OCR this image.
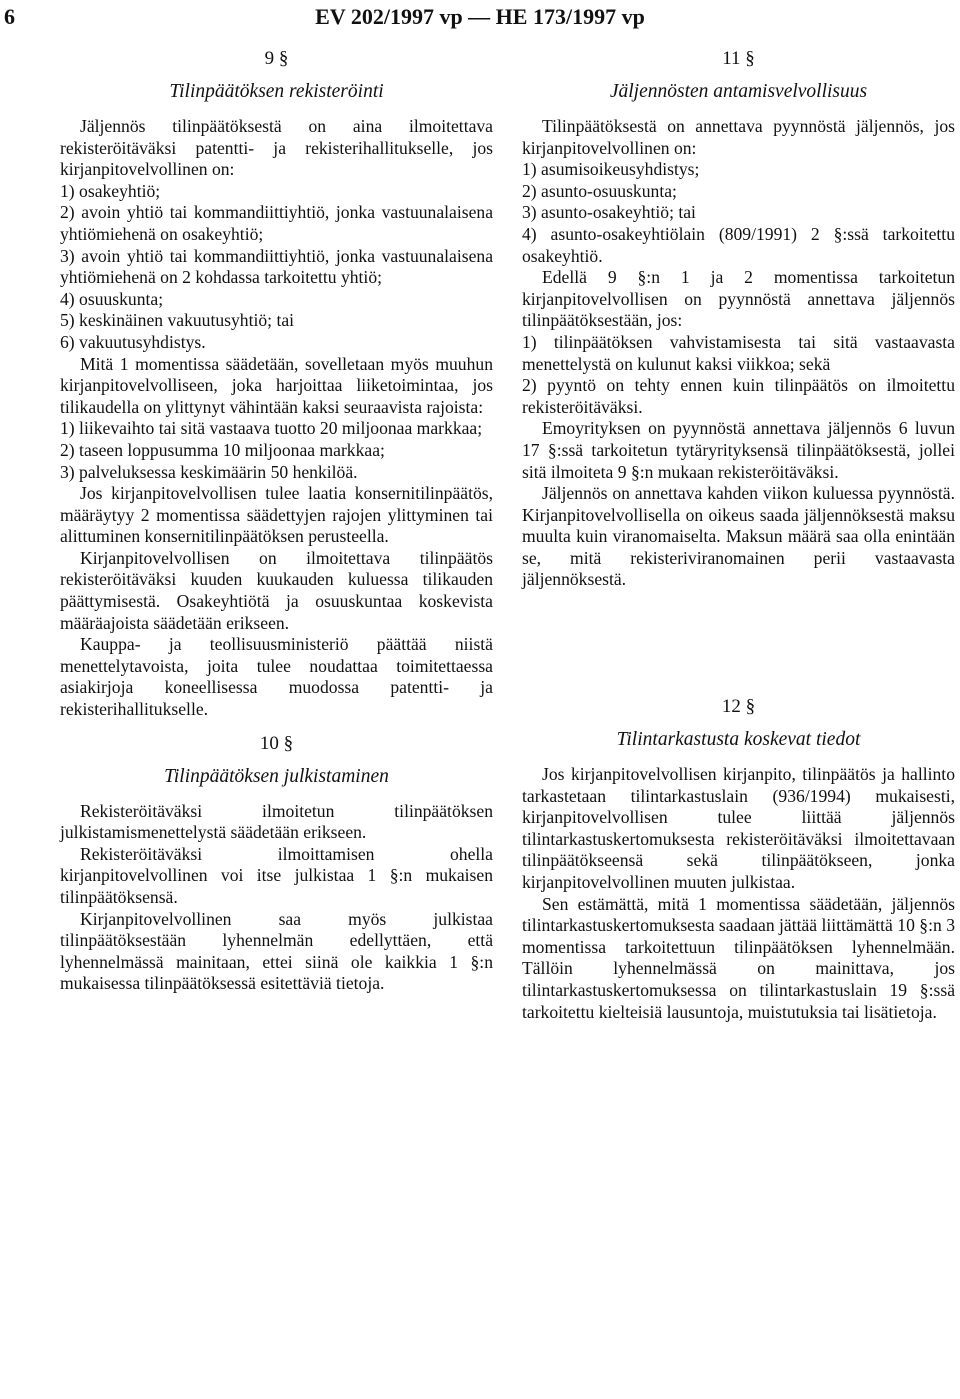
6	EV 202/1997 vp — HE 173/1997 vp

9 §

Tilinpäätöksen rekisteröinti

Jäljennös tilinpäätöksestä on aina ilmoitettava rekisteröitäväksi patentti- ja rekisterihallitukselle, jos kirjanpitovelvollinen on:

1) osakeyhtiö;

2) avoin yhtiö tai kommandiittiyhtiö, jonka vastuunalaisena yhtiömiehenä on osakeyhtiö;

3) avoin yhtiö tai kommandiittiyhtiö, jonka vastuunalaisena yhtiömiehenä on 2 kohdassa tarkoitettu yhtiö;

4) osuuskunta;

5) keskinäinen vakuutusyhtiö; tai

6) vakuutusyhdistys.

Mitä 1 momentissa säädetään, sovelletaan myös muuhun kirjanpitovelvolliseen, joka harjoittaa liiketoimintaa, jos tilikaudella on ylittynyt vähintään kaksi seuraavista rajoista:

1) liikevaihto tai sitä vastaava tuotto 20 miljoonaa markkaa;

2) taseen loppusumma 10 miljoonaa markkaa;

3) palveluksessa keskimäärin 50 henkilöä.

Jos kirjanpitovelvollisen tulee laatia konsernitilinpäätös, määräytyy 2 momentissa säädettyjen rajojen ylittyminen tai alittuminen konsernitilinpäätöksen perusteella.

Kirjanpitovelvollisen on ilmoitettava tilinpäätös rekisteröitäväksi kuuden kuukauden kuluessa tilikauden päättymisestä. Osakeyhtiötä ja osuuskuntaa koskevista määräajoista säädetään erikseen.

Kauppa- ja teollisuusministeriö päättää niistä menettelytavoista, joita tulee noudattaa toimitettaessa asiakirjoja koneellisessa muodossa patentti- ja rekisterihallitukselle.

10 §

Tilinpäätöksen julkistaminen

Rekisteröitäväksi ilmoitetun tilinpäätöksen julkistamismenettelystä säädetään erikseen.

Rekisteröitäväksi ilmoittamisen ohella kirjanpitovelvollinen voi itse julkistaa 1 §:n mukaisen tilinpäätöksensä.

Kirjanpitovelvollinen saa myös julkistaa tilinpäätöksestään lyhennelmän edellyttäen, että lyhennelmässä mainitaan, ettei siinä ole kaikkia 1 §:n mukaisessa tilinpäätöksessä esitettäviä tietoja.

11 §

Jäljennösten antamisvelvollisuus

Tilinpäätöksestä on annettava pyynnöstä jäljennös, jos kirjanpitovelvollinen on:

1) asumisoikeusyhdistys;

2) asunto-osuuskunta;

3) asunto-osakeyhtiö; tai

4) asunto-osakeyhtiölain (809/1991) 2 §:ssä tarkoitettu osakeyhtiö.

Edellä 9 §:n 1 ja 2 momentissa tarkoitetun kirjanpitovelvollisen on pyynnöstä annettava jäljennös tilinpäätöksestään, jos:

1) tilinpäätöksen vahvistamisesta tai sitä vastaavasta menettelystä on kulunut kaksi viikkoa; sekä

2) pyyntö on tehty ennen kuin tilinpäätös on ilmoitettu rekisteröitäväksi.

Emoyrityksen on pyynnöstä annettava jäljennös 6 luvun 17 §:ssä tarkoitetun tytäryrityksensä tilinpäätöksestä, jollei sitä ilmoiteta 9 §:n mukaan rekisteröitäväksi.

Jäljennös on annettava kahden viikon kuluessa pyynnöstä. Kirjanpitovelvollisella on oikeus saada jäljennöksestä maksu muulta kuin viranomaiselta. Maksun määrä saa olla enintään se, mitä rekisteriviranomainen perii vastaavasta jäljennöksestä.

12 §

Tilintarkastusta koskevat tiedot

Jos kirjanpitovelvollisen kirjanpito, tilinpäätös ja hallinto tarkastetaan tilintarkastuslain (936/1994) mukaisesti, kirjanpitovelvollisen tulee liittää jäljennös tilintarkastuskertomuksesta rekisteröitäväksi ilmoitettavaan tilinpäätökseensä sekä tilinpäätökseen, jonka kirjanpitovelvollinen muuten julkistaa.

Sen estämättä, mitä 1 momentissa säädetään, jäljennös tilintarkastuskertomuksesta saadaan jättää liittämättä 10 §:n 3 momentissa tarkoitettuun tilinpäätöksen lyhennelmään. Tällöin lyhennelmässä on mainittava, jos tilintarkastuskertomuksessa on tilintarkastuslain 19 §:ssä tarkoitettu kielteisiä lausuntoja, muistutuksia tai lisätietoja.
